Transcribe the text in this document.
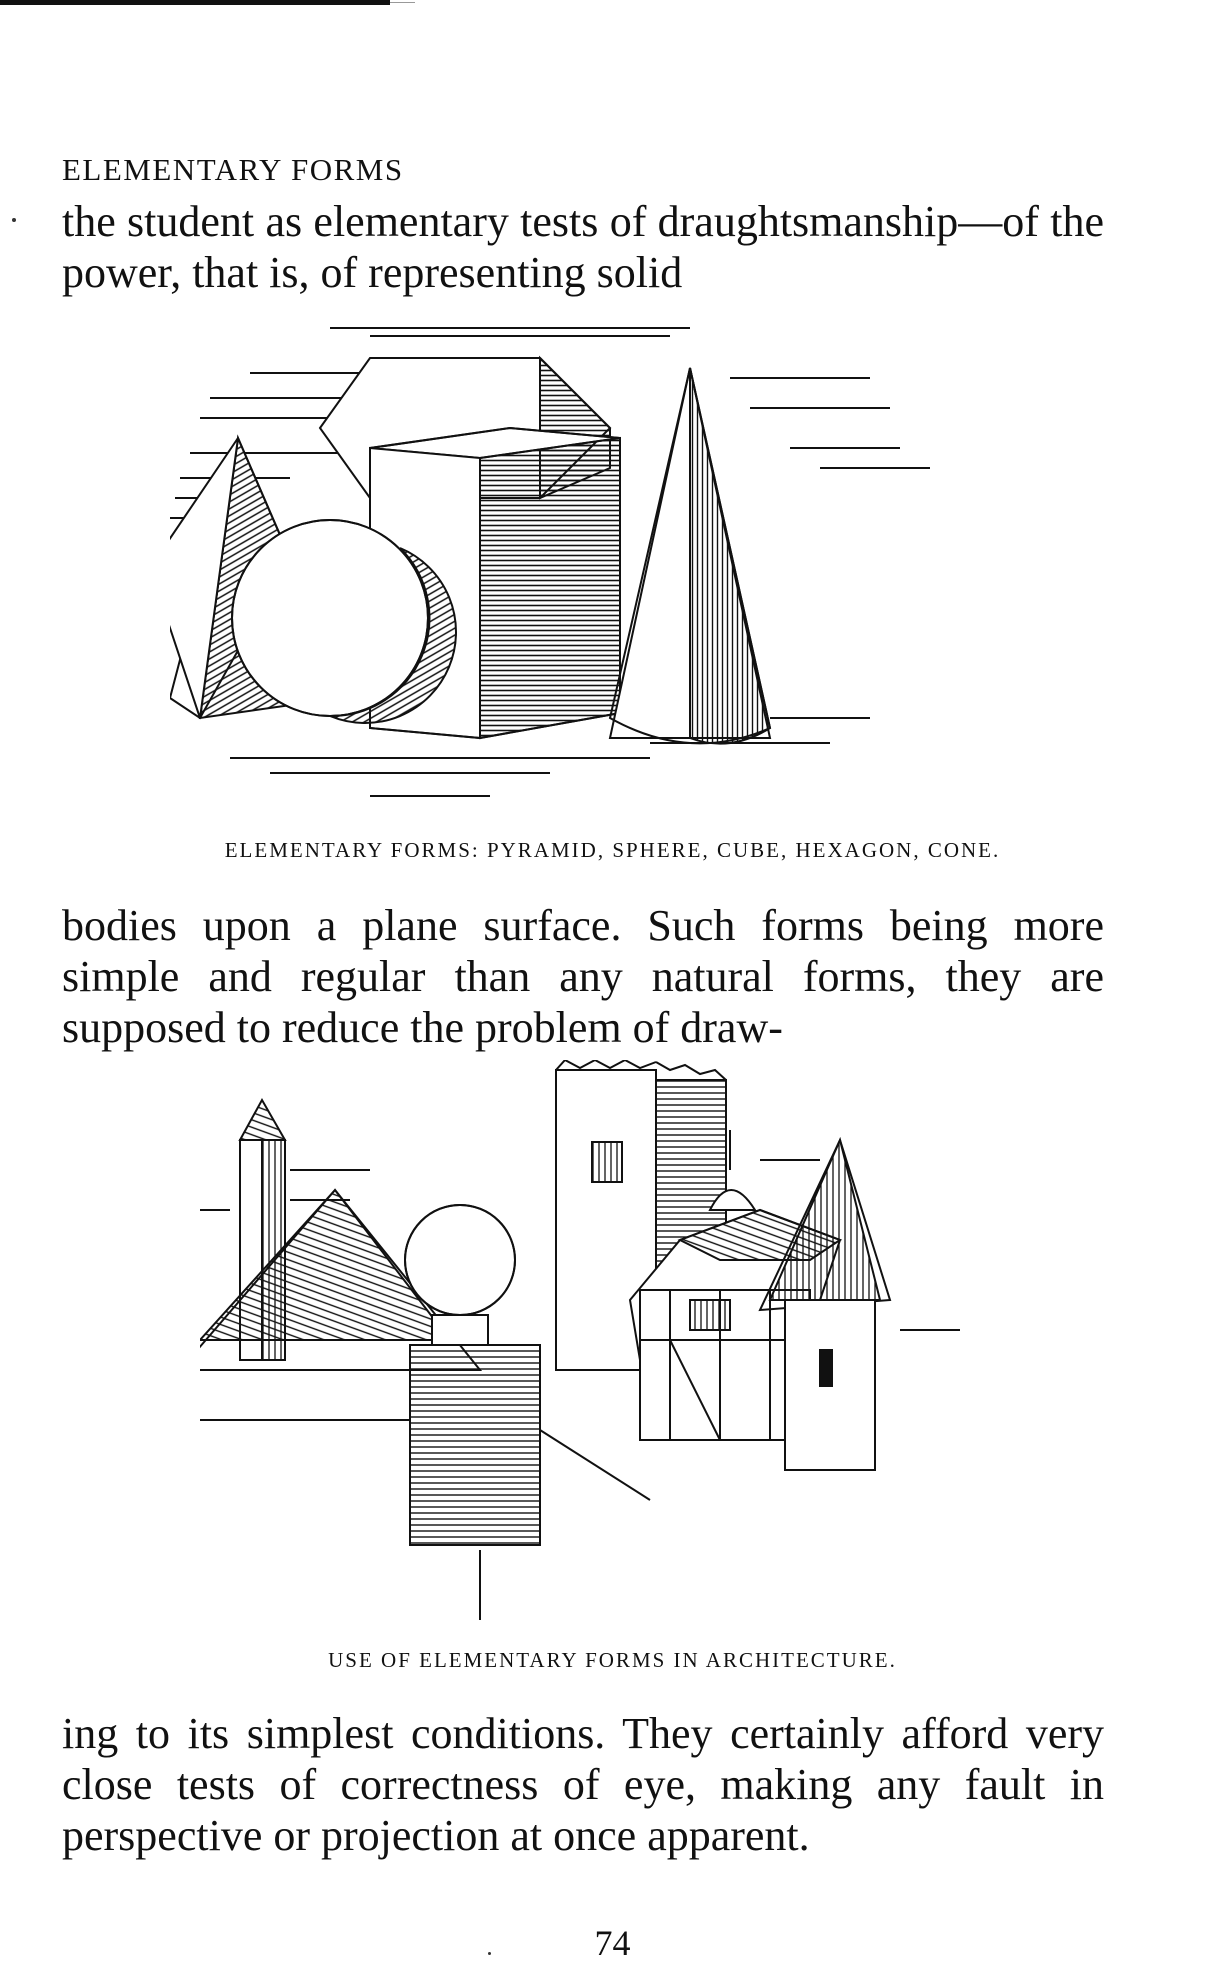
ELEMENTARY FORMS
the student as elementary tests of draughtsmanship—of the power, that is, of representing solid
ELEMENTARY FORMS: PYRAMID, SPHERE, CUBE, HEXAGON, CONE.
bodies upon a plane surface. Such forms being more simple and regular than any natural forms, they are supposed to reduce the problem of draw-
USE OF ELEMENTARY FORMS IN ARCHITECTURE.
ing to its simplest conditions. They certainly afford very close tests of correctness of eye, making any fault in perspective or projection at once apparent.
74
